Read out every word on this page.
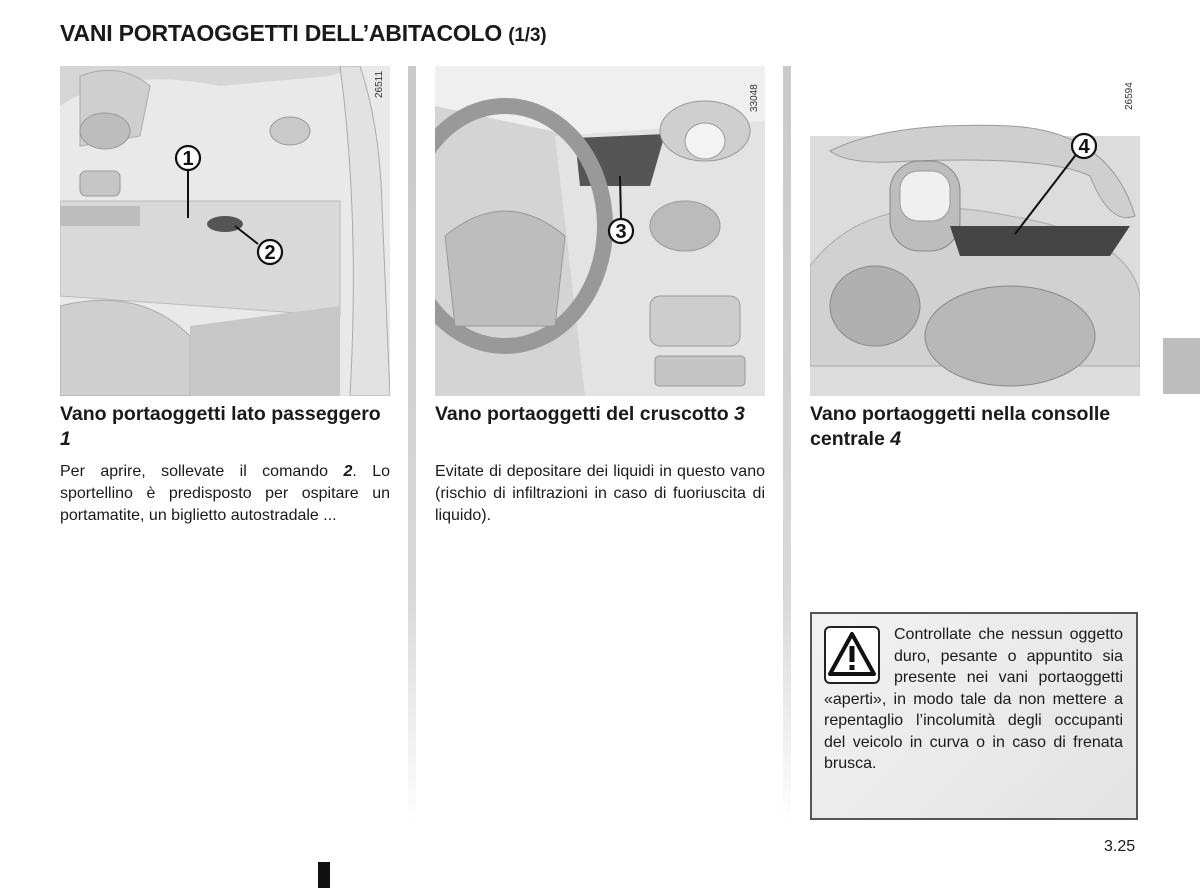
VANI PORTAOGGETTI DELL’ABITACOLO (1/3)
1
2
26511
3
33048
4
26594
Vano portaoggetti lato passeggero 1
Per aprire, sollevate il comando 2. Lo sportellino è predisposto per ospitare un portamatite, un biglietto autostradale ...
Vano portaoggetti del cruscotto 3
Evitate di depositare dei liquidi in questo vano (rischio di infiltrazioni in caso di fuoriuscita di liquido).
Vano portaoggetti nella consolle centrale 4
Controllate che nessun oggetto duro, pesante o appuntito sia presente nei vani portaoggetti «aperti», in modo tale da non mettere a repentaglio l’incolumità degli occupanti del veicolo in curva o in caso di frenata brusca.
3.25
